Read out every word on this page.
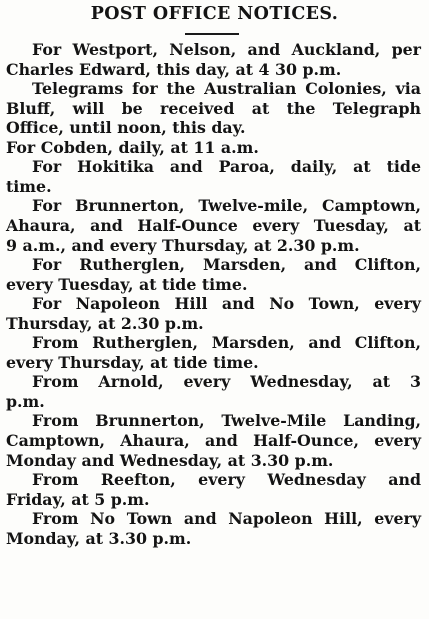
POST OFFICE NOTICES.
For Westport, Nelson, and Auckland, per
Charles Edward, this day, at 4 30 p.m.
Telegrams for the Australian Colonies, via
Bluff, will be received at the Telegraph
Office, until noon, this day.
For Cobden, daily, at 11 a.m.
For Hokitika and Paroa, daily, at tide
time.
For Brunnerton, Twelve-mile, Camptown,
Ahaura, and Half-Ounce every Tuesday, at
9 a.m., and every Thursday, at 2.30 p.m.
For Rutherglen, Marsden, and Clifton,
every Tuesday, at tide time.
For Napoleon Hill and No Town, every
Thursday, at 2.30 p.m.
From Rutherglen, Marsden, and Clifton,
every Thursday, at tide time.
From Arnold, every Wednesday, at 3
p.m.
From Brunnerton, Twelve-Mile Landing,
Camptown, Ahaura, and Half-Ounce, every
Monday and Wednesday, at 3.30 p.m.
From Reefton, every Wednesday and
Friday, at 5 p.m.
From No Town and Napoleon Hill, every
Monday, at 3.30 p.m.
